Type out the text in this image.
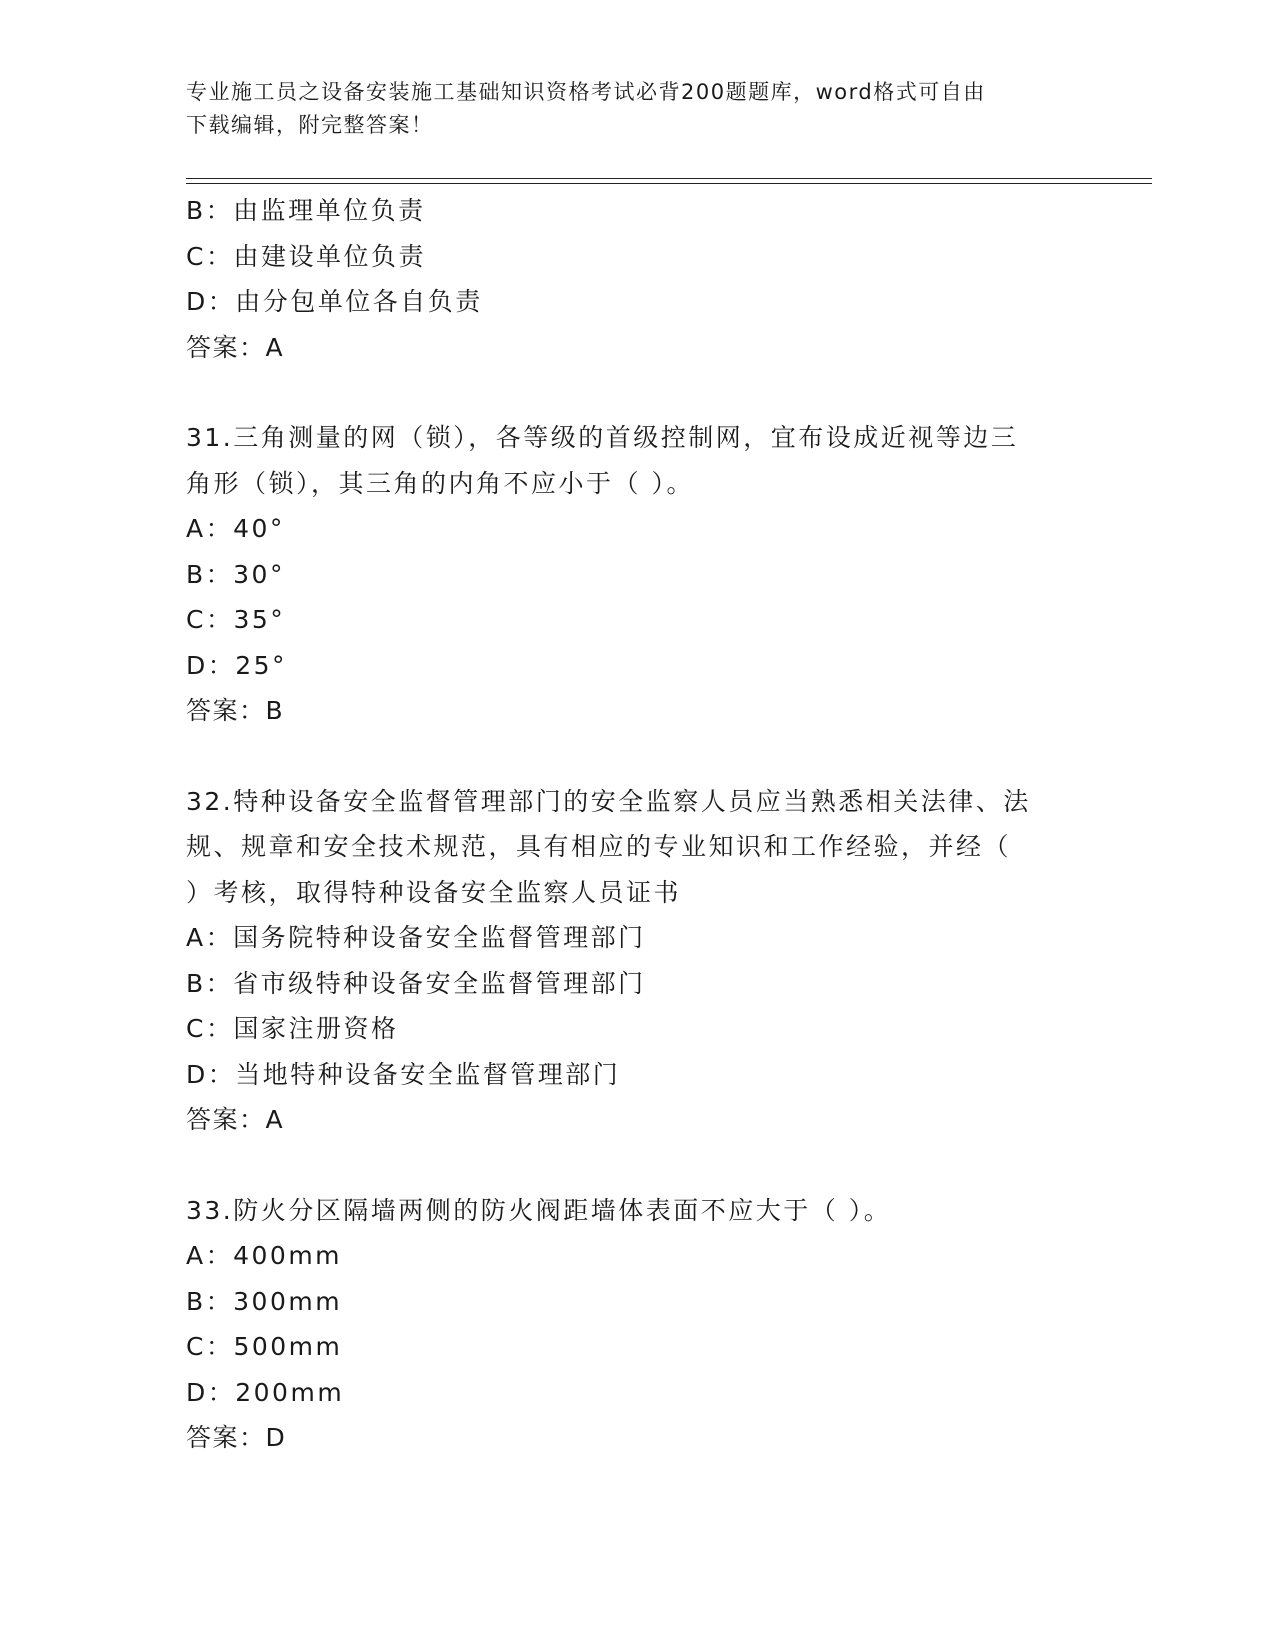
专业施工员之设备安装施工基础知识资格考试必背200题题库，word格式可自由
下载编辑，附完整答案！
B：由监理单位负责
C：由建设单位负责
D：由分包单位各自负责
答案：A
31.三角测量的网（锁），各等级的首级控制网，宜布设成近视等边三
角形（锁），其三角的内角不应小于（ ）。
A：40°
B：30°
C：35°
D：25°
答案：B
32.特种设备安全监督管理部门的安全监察人员应当熟悉相关法律、法
规、规章和安全技术规范，具有相应的专业知识和工作经验，并经（
）考核，取得特种设备安全监察人员证书
A：国务院特种设备安全监督管理部门
B：省市级特种设备安全监督管理部门
C：国家注册资格
D：当地特种设备安全监督管理部门
答案：A
33.防火分区隔墙两侧的防火阀距墙体表面不应大于（ ）。
A：400mm
B：300mm
C：500mm
D：200mm
答案：D
